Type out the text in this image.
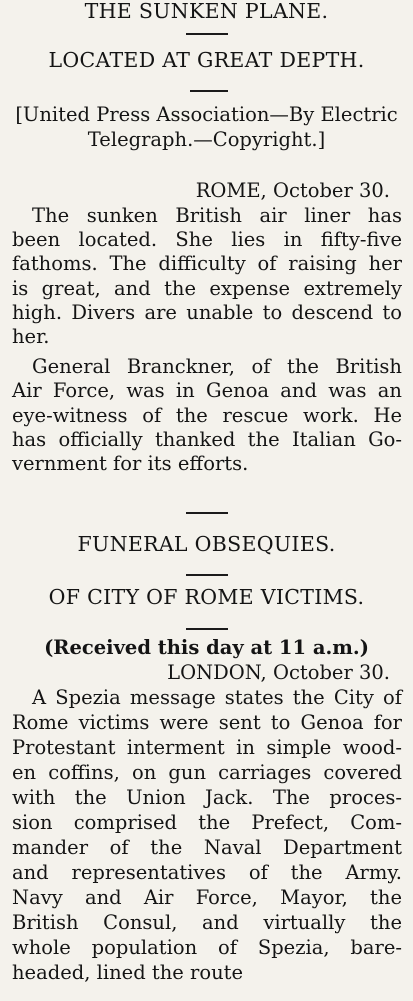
THE SUNKEN PLANE.
LOCATED AT GREAT DEPTH.
[United Press Association—By Electric
Telegraph.—Copyright.]
ROME, October 30.
The sunken British air liner has
been located. She lies in fifty-five
fathoms. The difficulty of raising her
is great, and the expense extremely
high. Divers are unable to descend to
her.
General Branckner, of the British
Air Force, was in Genoa and was an
eye-witness of the rescue work. He
has officially thanked the Italian Go-
vernment for its efforts.
FUNERAL OBSEQUIES.
OF CITY OF ROME VICTIMS.
(Received this day at 11 a.m.)
LONDON, October 30.
A Spezia message states the City of
Rome victims were sent to Genoa for
Protestant interment in simple wood-
en coffins, on gun carriages covered
with the Union Jack. The proces-
sion comprised the Prefect, Com-
mander of the Naval Department
and representatives of the Army.
Navy and Air Force, Mayor, the
British Consul, and virtually the
whole population of Spezia, bare-
headed, lined the route
